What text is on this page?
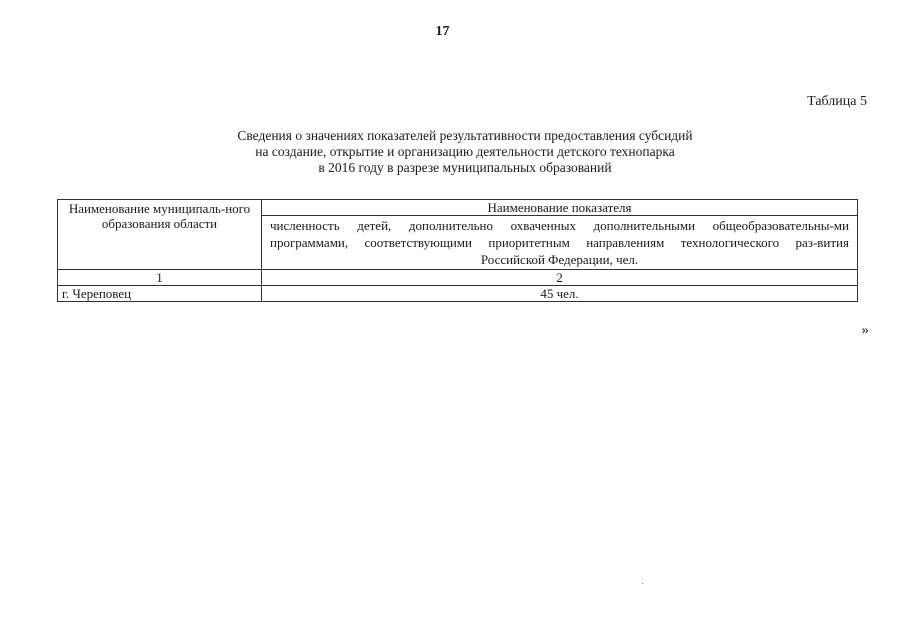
17
Таблица 5
Сведения о значениях показателей результативности предоставления субсидий
на создание, открытие и организацию деятельности детского технопарка
в 2016 году в разрезе муниципальных образований
Наименование муниципаль-ного образования области	Наименование показателя
	численность детей, дополнительно охваченных дополнительными общеобразовательны-ми программами, соответствующими приоритетным направлениям технологического раз-вития Российской Федерации, чел.
1	2
г. Череповец	45 чел.
»
